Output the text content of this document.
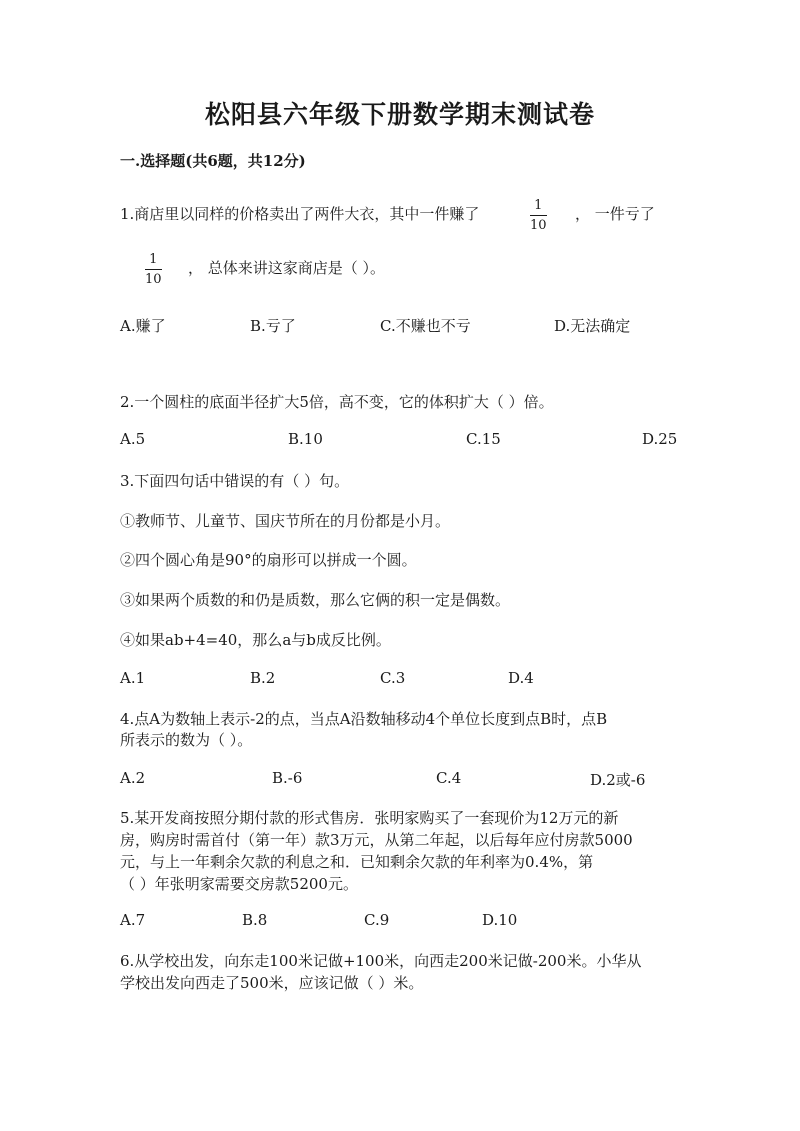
松阳县六年级下册数学期末测试卷
一.选择题(共6题，共12分)
1.商店里以同样的价格卖出了两件大衣，其中一件赚了	1
10
， 一件亏了
1
10
， 总体来讲这家商店是（ ）。
A.赚了	B.亏了	C.不赚也不亏	D.无法确定
2.一个圆柱的底面半径扩大5倍，高不变，它的体积扩大（ ）倍。
A.5	B.10	C.15	D.25
3.下面四句话中错误的有（ ）句。
①教师节、儿童节、国庆节所在的月份都是小月。
②四个圆心角是90°的扇形可以拼成一个圆。
③如果两个质数的和仍是质数，那么它俩的积一定是偶数。
④如果ab+4=40，那么a与b成反比例。
A.1	B.2	C.3	D.4
4.点A为数轴上表示-2的点，当点A沿数轴移动4个单位长度到点B时，点B
所表示的数为（ ）。
A.2	B.-6	C.4	D.2或-6
5.某开发商按照分期付款的形式售房．张明家购买了一套现价为12万元的新
房，购房时需首付（第一年）款3万元，从第二年起，以后每年应付房款5000
元，与上一年剩余欠款的利息之和．已知剩余欠款的年利率为0.4%，第
（ ）年张明家需要交房款5200元。
A.7	B.8	C.9	D.10
6.从学校出发，向东走100米记做+100米，向西走200米记做-200米。小华从
学校出发向西走了500米，应该记做（ ）米。
